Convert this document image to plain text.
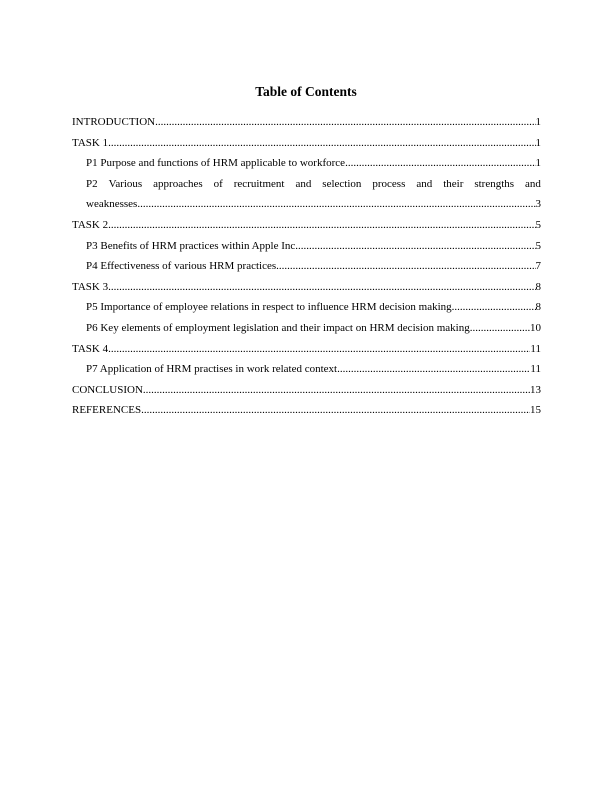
Table of Contents
INTRODUCTION .....	1
TASK 1 .....	1
P1 Purpose and functions of HRM applicable to workforce .....	1
P2 Various approaches of recruitment and selection process and their strengths and
weaknesses .....	3
TASK 2 .....	5
P3 Benefits of HRM practices within Apple Inc .....	5
P4 Effectiveness of various HRM practices .....	7
TASK 3 .....	8
P5 Importance of employee relations in respect to influence HRM decision making .....	8
P6 Key elements of employment legislation and their impact on HRM decision making .....	10
TASK 4 .....	11
P7 Application of HRM practises in work related context .....	11
CONCLUSION .....	13
REFERENCES .....	15
